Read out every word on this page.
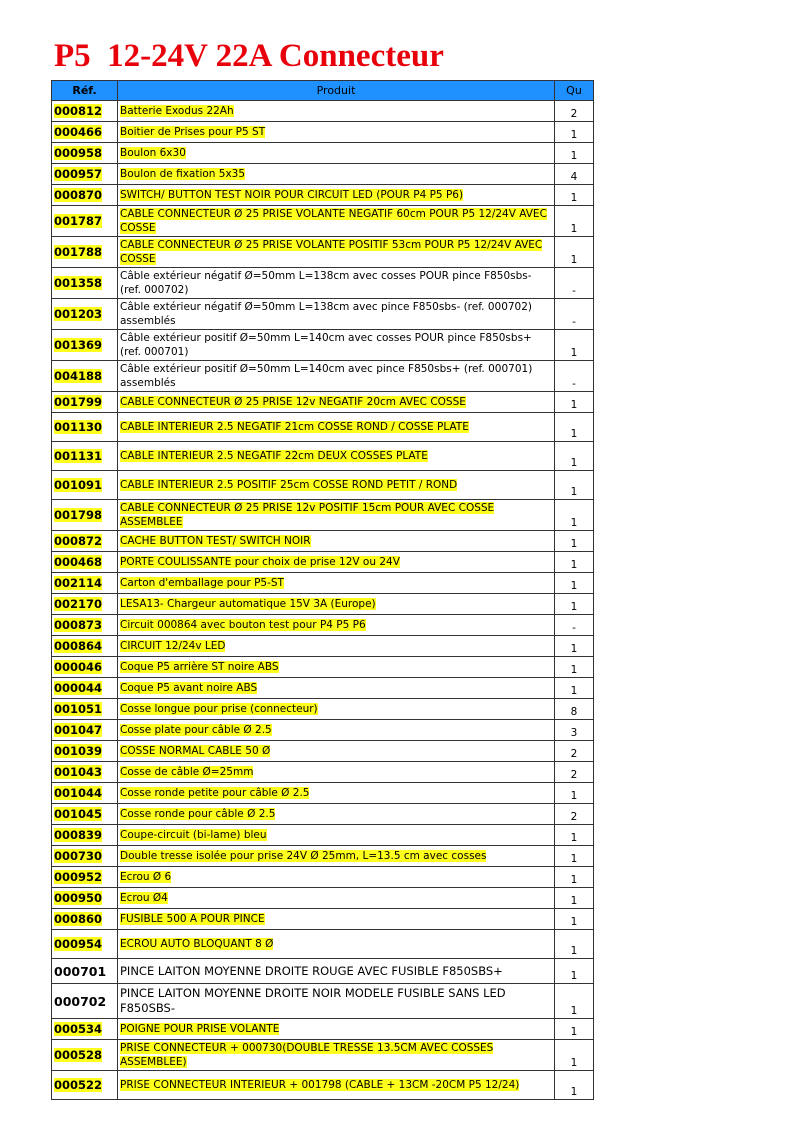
P5  12-24V 22A Connecteur
Réf.	Produit	Qu
000812	Batterie Exodus 22Ah	2
000466	Boitier de Prises pour P5 ST	1
000958	Boulon 6x30	1
000957	Boulon de fixation 5x35	4
000870	SWITCH/ BUTTON TEST NOIR POUR CIRCUIT LED (POUR P4 P5 P6)	1
001787	CABLE CONNECTEUR Ø 25 PRISE VOLANTE NEGATIF 60cm POUR P5 12/24V AVEC COSSE	1
001788	CABLE CONNECTEUR Ø 25 PRISE VOLANTE POSITIF 53cm POUR P5 12/24V AVEC COSSE	1
001358	Câble extérieur négatif Ø=50mm L=138cm avec cosses POUR pince F850sbs- (ref. 000702)	-
001203	Câble extérieur négatif Ø=50mm L=138cm avec pince F850sbs- (ref. 000702) assemblés	-
001369	Câble extérieur positif Ø=50mm L=140cm avec cosses POUR pince F850sbs+ (ref. 000701)	1
004188	Câble extérieur positif Ø=50mm L=140cm avec pince F850sbs+ (ref. 000701) assemblés	-
001799	CABLE CONNECTEUR Ø 25 PRISE 12v NEGATIF 20cm AVEC COSSE	1
001130	CABLE INTERIEUR 2.5 NEGATIF 21cm COSSE ROND / COSSE PLATE	1
001131	CABLE INTERIEUR 2.5 NEGATIF 22cm DEUX COSSES PLATE	1
001091	CABLE INTERIEUR 2.5 POSITIF 25cm COSSE ROND PETIT / ROND	1
001798	CABLE CONNECTEUR Ø 25 PRISE 12v POSITIF 15cm POUR AVEC COSSE ASSEMBLEE	1
000872	CACHE BUTTON TEST/ SWITCH NOIR	1
000468	PORTE COULISSANTE pour choix de prise 12V ou 24V	1
002114	Carton d'emballage pour P5-ST	1
002170	LESA13- Chargeur automatique 15V 3A (Europe)	1
000873	Circuit 000864 avec bouton test pour P4 P5 P6	-
000864	CIRCUIT 12/24v LED	1
000046	Coque P5 arrière ST noire ABS	1
000044	Coque P5 avant noire ABS	1
001051	Cosse longue pour prise (connecteur)	8
001047	Cosse plate pour câble Ø 2.5	3
001039	COSSE NORMAL CABLE 50 Ø	2
001043	Cosse de câble Ø=25mm	2
001044	Cosse ronde petite pour câble Ø 2.5	1
001045	Cosse ronde pour câble Ø 2.5	2
000839	Coupe-circuit (bi-lame) bleu	1
000730	Double tresse isolée pour prise 24V Ø 25mm, L=13.5 cm avec cosses	1
000952	Ecrou Ø 6	1
000950	Ecrou Ø4	1
000860	FUSIBLE 500 A POUR PINCE	1
000954	ECROU AUTO BLOQUANT 8 Ø	1
000701	PINCE LAITON MOYENNE DROITE ROUGE AVEC FUSIBLE F850SBS+	1
000702	PINCE LAITON MOYENNE DROITE NOIR MODELE FUSIBLE SANS LED F850SBS-	1
000534	POIGNE POUR PRISE VOLANTE	1
000528	PRISE CONNECTEUR + 000730(DOUBLE TRESSE 13.5CM AVEC COSSES ASSEMBLEE)	1
000522	PRISE CONNECTEUR INTERIEUR + 001798 (CABLE + 13CM -20CM P5 12/24)	1
